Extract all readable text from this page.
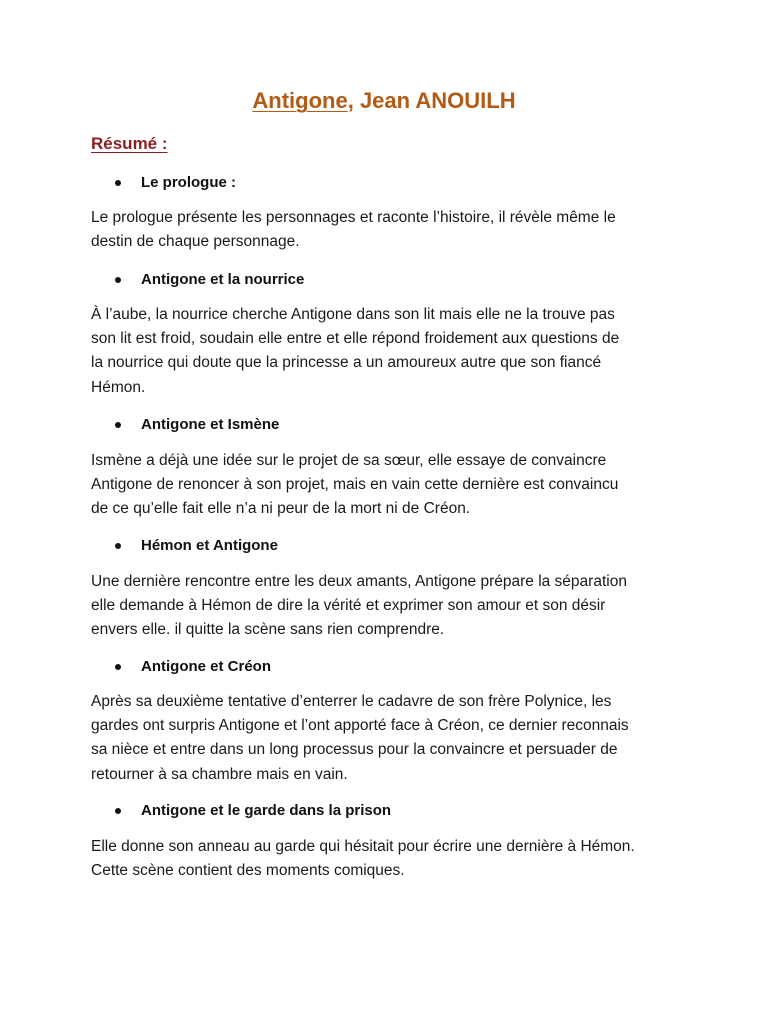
Antigone, Jean ANOUILH
Résumé :
Le prologue :
Le prologue présente les personnages et raconte l’histoire, il révèle même le
destin de chaque personnage.
Antigone et la nourrice
À l’aube, la nourrice cherche Antigone dans son lit mais elle ne la trouve pas
son lit est froid, soudain elle entre et elle répond froidement aux questions de
la nourrice qui doute que la princesse a un amoureux autre que son fiancé
Hémon.
Antigone et Ismène
Ismène a déjà une idée sur le projet de sa sœur, elle essaye de convaincre
Antigone de renoncer à son projet, mais en vain cette dernière est convaincu
de ce qu’elle fait elle n’a ni peur de la mort ni de Créon.
Hémon et Antigone
Une dernière rencontre entre les deux amants, Antigone prépare la séparation
elle demande à Hémon de dire la vérité et exprimer son amour et son désir
envers elle. il quitte la scène sans rien comprendre.
Antigone et Créon
Après sa deuxième tentative d’enterrer le cadavre de son frère Polynice, les
gardes ont surpris Antigone et l’ont apporté face à Créon, ce dernier reconnais
sa nièce et entre dans un long processus pour la convaincre et persuader de
retourner à sa chambre mais en vain.
Antigone et le garde dans la prison
Elle donne son anneau au garde qui hésitait pour écrire une dernière à Hémon.
Cette scène contient des moments comiques.
